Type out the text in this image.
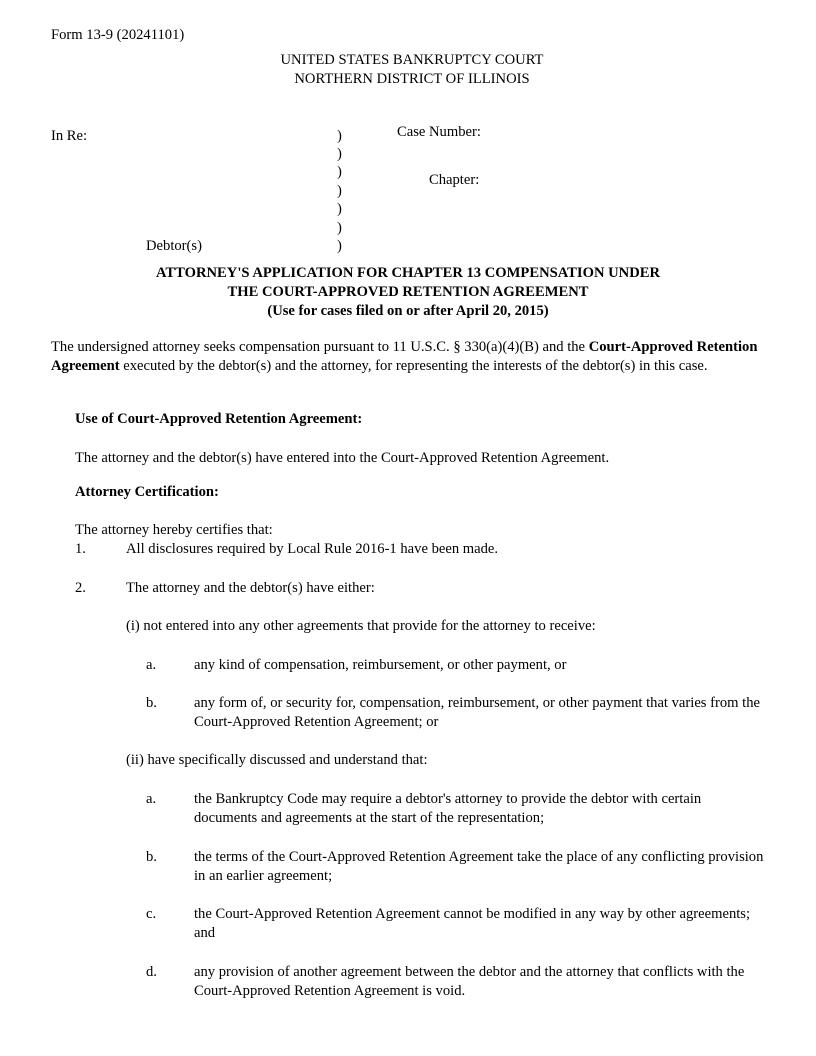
Form 13-9 (20241101)
UNITED STATES BANKRUPTCY COURT
NORTHERN DISTRICT OF ILLINOIS
In Re:
Debtor(s)
Case Number:
Chapter:
)
)
)
)
)
)
)
ATTORNEY'S APPLICATION FOR CHAPTER 13 COMPENSATION UNDER
THE COURT-APPROVED RETENTION AGREEMENT
(Use for cases filed on or after April 20, 2015)
The undersigned attorney seeks compensation pursuant to 11 U.S.C. § 330(a)(4)(B) and the Court-Approved Retention Agreement executed by the debtor(s) and the attorney, for representing the interests of the debtor(s) in this case.
Use of Court-Approved Retention Agreement:
The attorney and the debtor(s) have entered into the Court-Approved Retention Agreement.
Attorney Certification:
The attorney hereby certifies that:
1.	All disclosures required by Local Rule 2016-1 have been made.
2.	The attorney and the debtor(s) have either:
(i) not entered into any other agreements that provide for the attorney to receive:
a.	any kind of compensation, reimbursement, or other payment, or
b.	any form of, or security for, compensation, reimbursement, or other payment that varies from the Court-Approved Retention Agreement; or
(ii) have specifically discussed and understand that:
a.	the Bankruptcy Code may require a debtor's attorney to provide the debtor with certain documents and agreements at the start of the representation;
b.	the terms of the Court-Approved Retention Agreement take the place of any conflicting provision in an earlier agreement;
c.	the Court-Approved Retention Agreement cannot be modified in any way by other agreements; and
d.	any provision of another agreement between the debtor and the attorney that conflicts with the Court-Approved Retention Agreement is void.
